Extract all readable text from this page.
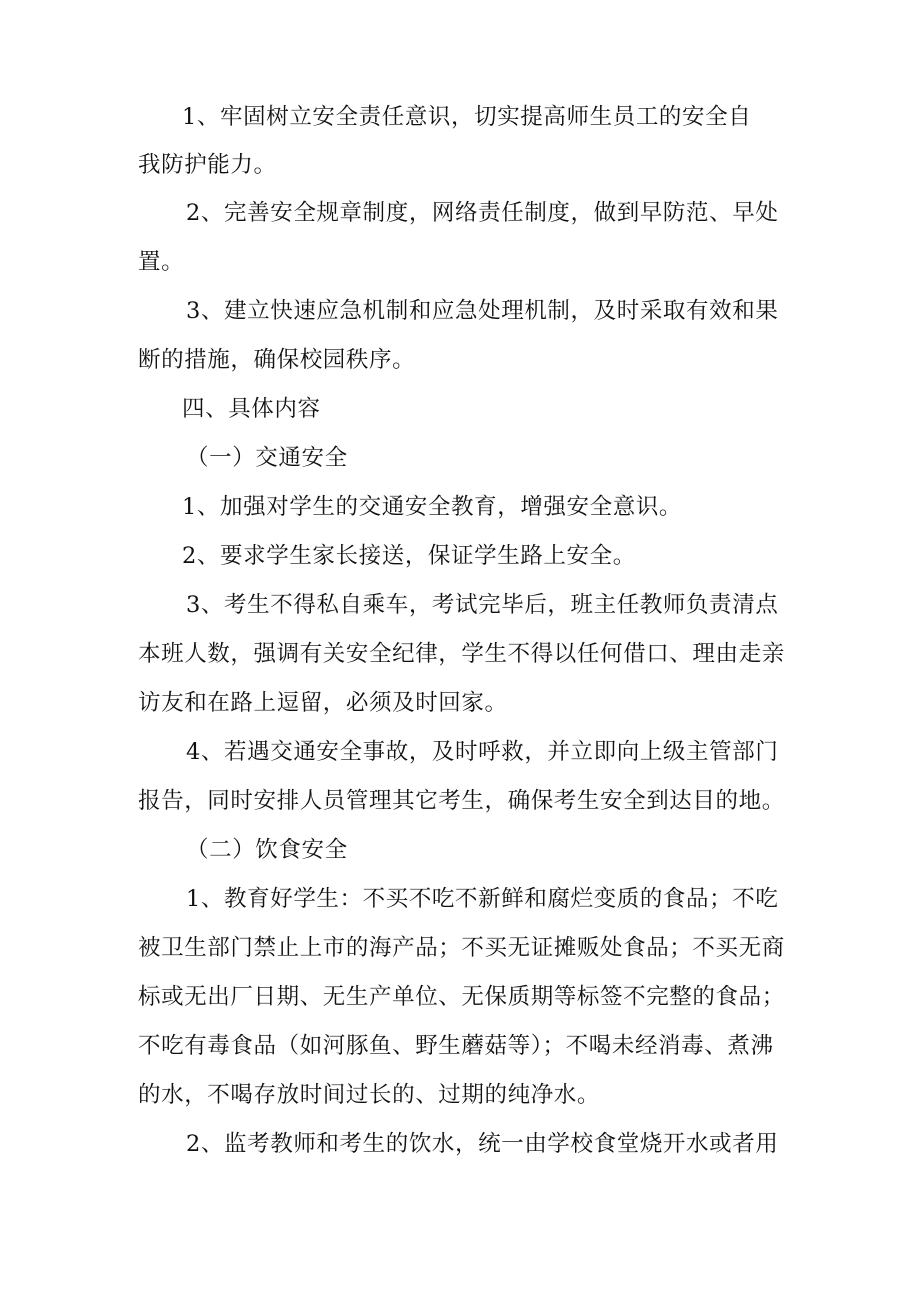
1、牢固树立安全责任意识，切实提高师生员工的安全自
我防护能力。
2、完善安全规章制度，网络责任制度，做到早防范、早处
置。
3、建立快速应急机制和应急处理机制，及时采取有效和果
断的措施，确保校园秩序。
四、具体内容
（一）交通安全
1、加强对学生的交通安全教育，增强安全意识。
2、要求学生家长接送，保证学生路上安全。
3、考生不得私自乘车，考试完毕后，班主任教师负责清点
本班人数，强调有关安全纪律，学生不得以任何借口、理由走亲
访友和在路上逗留，必须及时回家。
4、若遇交通安全事故，及时呼救，并立即向上级主管部门
报告，同时安排人员管理其它考生，确保考生安全到达目的地。
（二）饮食安全
1、教育好学生：不买不吃不新鲜和腐烂变质的食品；不吃
被卫生部门禁止上市的海产品；不买无证摊贩处食品；不买无商
标或无出厂日期、无生产单位、无保质期等标签不完整的食品；
不吃有毒食品（如河豚鱼、野生蘑菇等）；不喝未经消毒、煮沸
的水，不喝存放时间过长的、过期的纯净水。
2、监考教师和考生的饮水，统一由学校食堂烧开水或者用
